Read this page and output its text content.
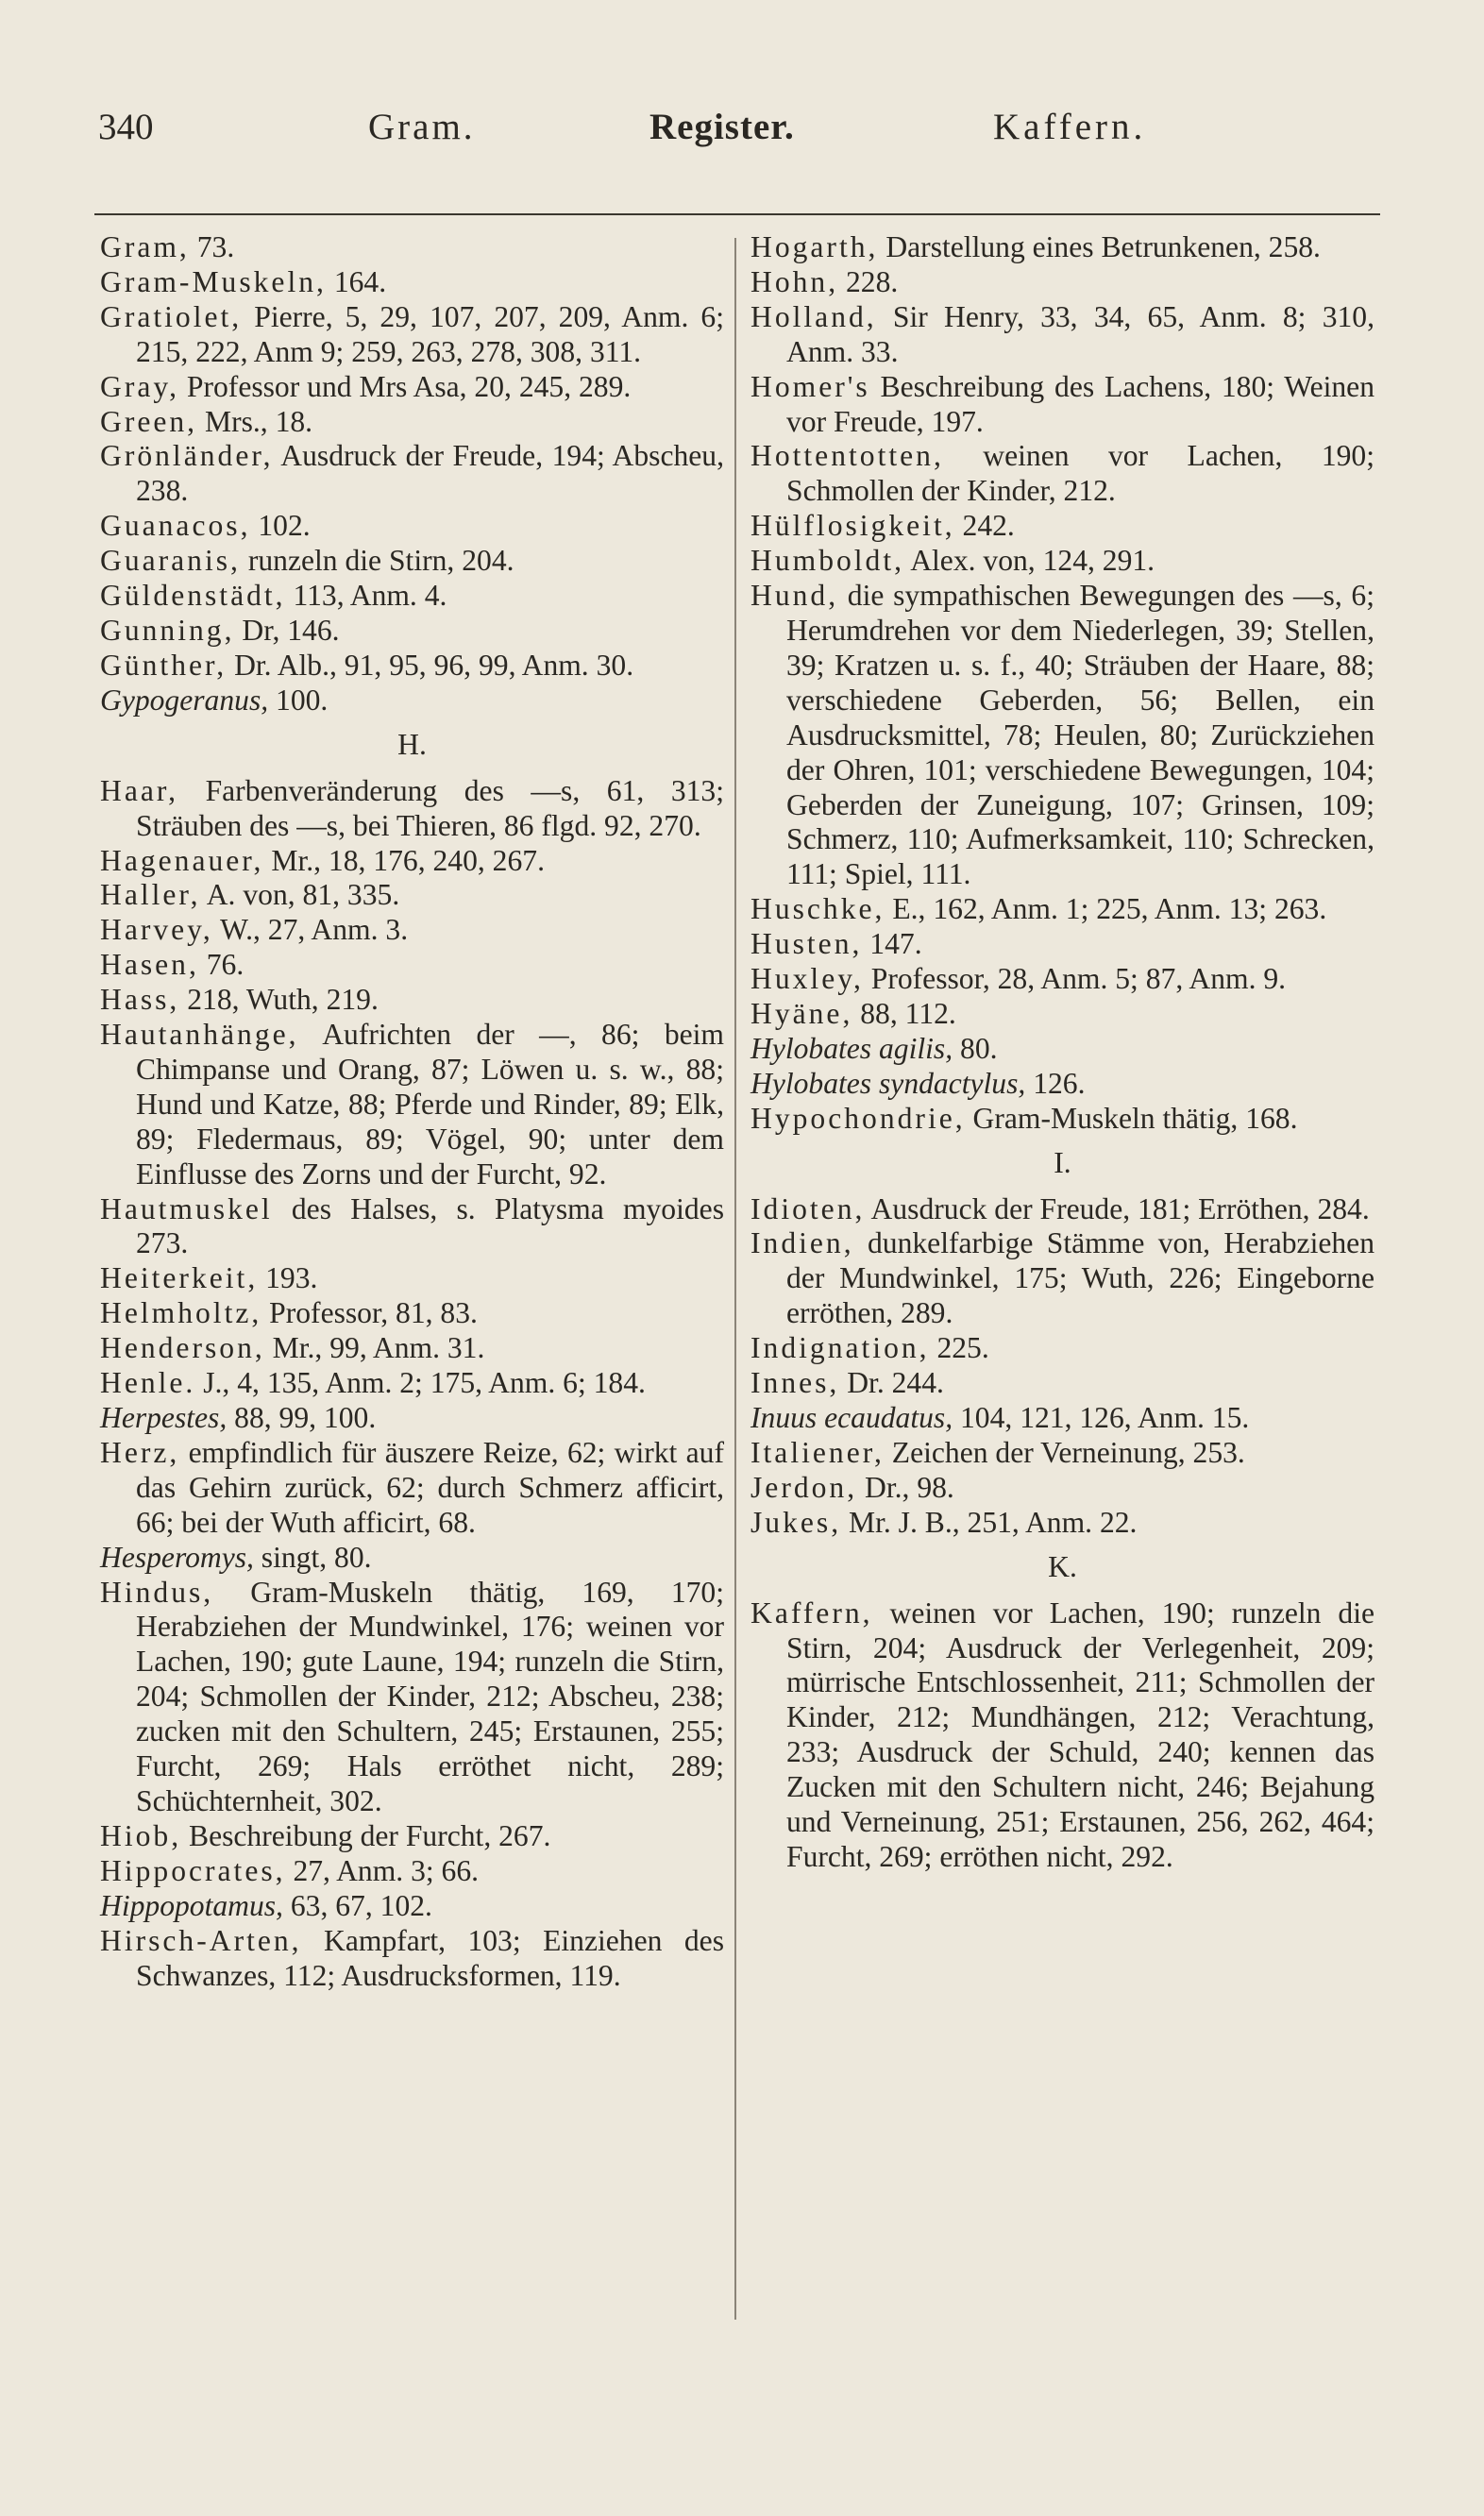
340	Gram.	Register.	Kaffern.

Gram, 73.

Gram-Muskeln, 164.

Gratiolet, Pierre, 5, 29, 107, 207, 209, Anm. 6; 215, 222, Anm 9; 259, 263, 278, 308, 311.

Gray, Professor und Mrs Asa, 20, 245, 289.

Green, Mrs., 18.

Grönländer, Ausdruck der Freude, 194; Abscheu, 238.

Guanacos, 102.

Guaranis, runzeln die Stirn, 204.

Güldenstädt, 113, Anm. 4.

Gunning, Dr, 146.

Günther, Dr. Alb., 91, 95, 96, 99, Anm. 30.

Gypogeranus, 100.

H.

Haar, Farbenveränderung des —s, 61, 313; Sträuben des —s, bei Thieren, 86 flgd. 92, 270.

Hagenauer, Mr., 18, 176, 240, 267.

Haller, A. von, 81, 335.

Harvey, W., 27, Anm. 3.

Hasen, 76.

Hass, 218, Wuth, 219.

Hautanhänge, Aufrichten der —, 86; beim Chimpanse und Orang, 87; Löwen u. s. w., 88; Hund und Katze, 88; Pferde und Rinder, 89; Elk, 89; Fledermaus, 89; Vögel, 90; unter dem Einflusse des Zorns und der Furcht, 92.

Hautmuskel des Halses, s. Platysma myoides 273.

Heiterkeit, 193.

Helmholtz, Professor, 81, 83.

Henderson, Mr., 99, Anm. 31.

Henle. J., 4, 135, Anm. 2; 175, Anm. 6; 184.

Herpestes, 88, 99, 100.

Herz, empfindlich für äuszere Reize, 62; wirkt auf das Gehirn zurück, 62; durch Schmerz afficirt, 66; bei der Wuth afficirt, 68.

Hesperomys, singt, 80.

Hindus, Gram-Muskeln thätig, 169, 170; Herabziehen der Mundwinkel, 176; weinen vor Lachen, 190; gute Laune, 194; runzeln die Stirn, 204; Schmollen der Kinder, 212; Abscheu, 238; zucken mit den Schultern, 245; Erstaunen, 255; Furcht, 269; Hals erröthet nicht, 289; Schüchternheit, 302.

Hiob, Beschreibung der Furcht, 267.

Hippocrates, 27, Anm. 3; 66.

Hippopotamus, 63, 67, 102.

Hirsch-Arten, Kampfart, 103; Einziehen des Schwanzes, 112; Ausdrucksformen, 119.

Hogarth, Darstellung eines Betrunkenen, 258.

Hohn, 228.

Holland, Sir Henry, 33, 34, 65, Anm. 8; 310, Anm. 33.

Homer's Beschreibung des Lachens, 180; Weinen vor Freude, 197.

Hottentotten, weinen vor Lachen, 190; Schmollen der Kinder, 212.

Hülflosigkeit, 242.

Humboldt, Alex. von, 124, 291.

Hund, die sympathischen Bewegungen des —s, 6; Herumdrehen vor dem Niederlegen, 39; Stellen, 39; Kratzen u. s. f., 40; Sträuben der Haare, 88; verschiedene Geberden, 56; Bellen, ein Ausdrucksmittel, 78; Heulen, 80; Zurückziehen der Ohren, 101; verschiedene Bewegungen, 104; Geberden der Zuneigung, 107; Grinsen, 109; Schmerz, 110; Aufmerksamkeit, 110; Schrecken, 111; Spiel, 111.

Huschke, E., 162, Anm. 1; 225, Anm. 13; 263.

Husten, 147.

Huxley, Professor, 28, Anm. 5; 87, Anm. 9.

Hyäne, 88, 112.

Hylobates agilis, 80.

Hylobates syndactylus, 126.

Hypochondrie, Gram-Muskeln thätig, 168.

I.

Idioten, Ausdruck der Freude, 181; Erröthen, 284.

Indien, dunkelfarbige Stämme von, Herabziehen der Mundwinkel, 175; Wuth, 226; Eingeborne erröthen, 289.

Indignation, 225.

Innes, Dr. 244.

Inuus ecaudatus, 104, 121, 126, Anm. 15.

Italiener, Zeichen der Verneinung, 253.

Jerdon, Dr., 98.

Jukes, Mr. J. B., 251, Anm. 22.

K.

Kaffern, weinen vor Lachen, 190; runzeln die Stirn, 204; Ausdruck der Verlegenheit, 209; mürrische Entschlossenheit, 211; Schmollen der Kinder, 212; Mundhängen, 212; Verachtung, 233; Ausdruck der Schuld, 240; kennen das Zucken mit den Schultern nicht, 246; Bejahung und Verneinung, 251; Erstaunen, 256, 262, 464; Furcht, 269; erröthen nicht, 292.
